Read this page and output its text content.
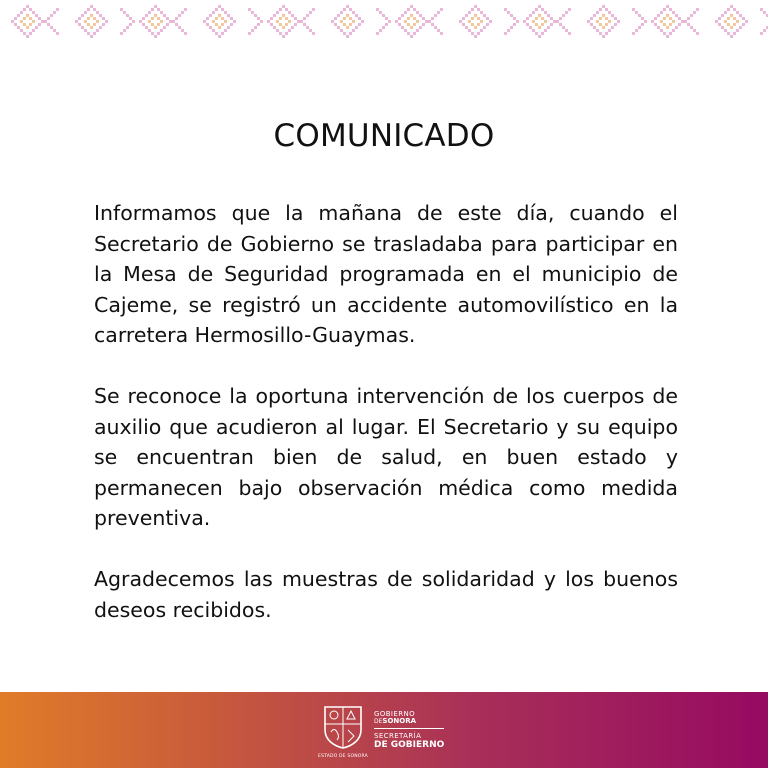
COMUNICADO

Informamos que la mañana de este día, cuando el Secretario de Gobierno se trasladaba para participar en la Mesa de Seguridad programada en el municipio de Cajeme, se registró un accidente automovilístico en la carretera Hermosillo-Guaymas.

Se reconoce la oportuna intervención de los cuerpos de auxilio que acudieron al lugar. El Secretario y su equipo se encuentran bien de salud, en buen estado y permanecen bajo observación médica como medida preventiva.

Agradecemos las muestras de solidaridad y los buenos deseos recibidos.

ESTADO DE SONORA
GOBIERNO
DESONORA
SECRETARÍA
DE GOBIERNO
